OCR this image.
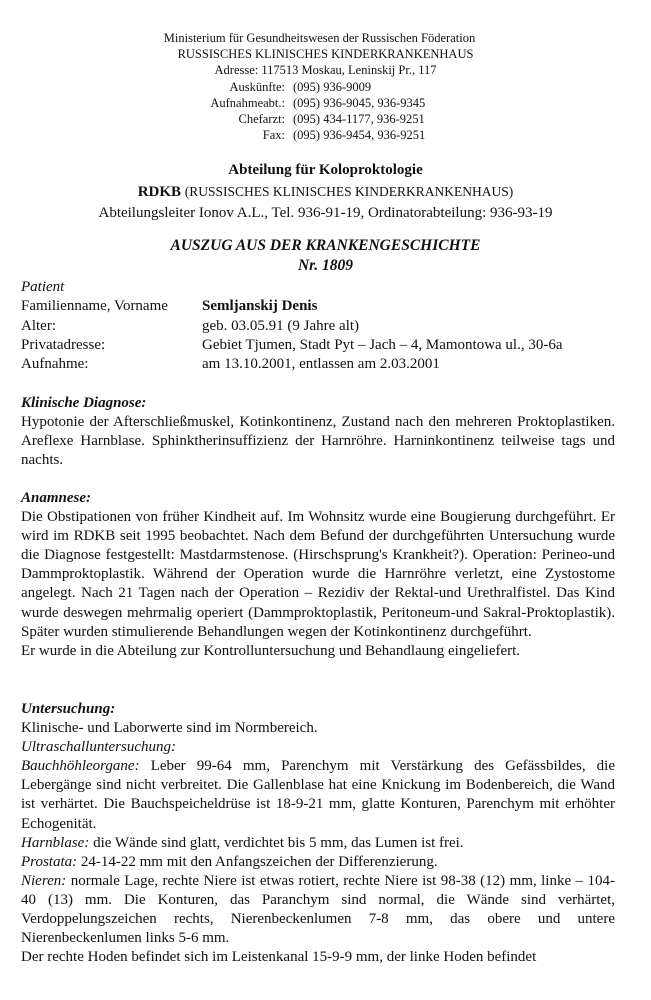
Ministerium für Gesundheitswesen der Russischen Föderation
RUSSISCHES KLINISCHES KINDERKRANKENHAUS
Adresse: 117513 Moskau, Leninskij Pr., 117
Auskünfte: (095) 936-9009
Aufnahmeabt.: (095) 936-9045, 936-9345
Chefarzt: (095) 434-1177, 936-9251
Fax: (095) 936-9454, 936-9251
Abteilung für Koloproktologie
RDKB (RUSSISCHES KLINISCHES KINDERKRANKENHAUS)
Abteilungsleiter Ionov A.L., Tel. 936-91-19, Ordinatorabteilung: 936-93-19
AUSZUG AUS DER KRANKENGESCHICHTE
Nr. 1809
Patient
Familienname, Vorname	Semljanskij Denis
Alter:	geb. 03.05.91 (9 Jahre alt)
Privatadresse:	Gebiet Tjumen, Stadt Pyt – Jach – 4, Mamontowa ul., 30-6a
Aufnahme:	am 13.10.2001, entlassen am 2.03.2001
Klinische Diagnose:

Hypotonie der Afterschließmuskel, Kotinkontinenz, Zustand nach den mehreren Proktoplastiken. Areflexe Harnblase. Sphinktherinsuffizienz der Harnröhre. Harninkontinenz teilweise tags und nachts.

Anamnese:

Die Obstipationen von früher Kindheit auf. Im Wohnsitz wurde eine Bougierung durchgeführt. Er wird im RDKB seit 1995 beobachtet. Nach dem Befund der durchgeführten Untersuchung wurde die Diagnose festgestellt: Mastdarmstenose. (Hirschsprung's Krankheit?). Operation: Perineo-und Dammproktoplastik. Während der Operation wurde die Harnröhre verletzt, eine Zystostome angelegt. Nach 21 Tagen nach der Operation – Rezidiv der Rektal-und Urethralfistel. Das Kind wurde deswegen mehrmalig operiert (Dammproktoplastik, Peritoneum-und Sakral-Proktoplastik). Später wurden stimulierende Behandlungen wegen der Kotinkontinenz durchgeführt.

Er wurde in die Abteilung zur Kontrolluntersuchung und Behandlaung eingeliefert.

Untersuchung:

Klinische- und Laborwerte sind im Normbereich.

Ultraschalluntersuchung:

Bauchhöhleorgane: Leber 99-64 mm, Parenchym mit Verstärkung des Gefässbildes, die Lebergänge sind nicht verbreitet. Die Gallenblase hat eine Knickung im Bodenbereich, die Wand ist verhärtet. Die Bauchspeicheldrüse ist 18-9-21 mm, glatte Konturen, Parenchym mit erhöhter Echogenität.

Harnblase: die Wände sind glatt, verdichtet bis 5 mm, das Lumen ist frei.

Prostata: 24-14-22 mm mit den Anfangszeichen der Differenzierung.

Nieren: normale Lage, rechte Niere ist etwas rotiert, rechte Niere ist 98-38 (12) mm, linke – 104-40 (13) mm. Die Konturen, das Paranchym sind normal, die Wände sind verhärtet, Verdoppelungszeichen rechts, Nierenbeckenlumen 7-8 mm, das obere und untere Nierenbeckenlumen links 5-6 mm.

Der rechte Hoden befindet sich im Leistenkanal 15-9-9 mm, der linke Hoden befindet
